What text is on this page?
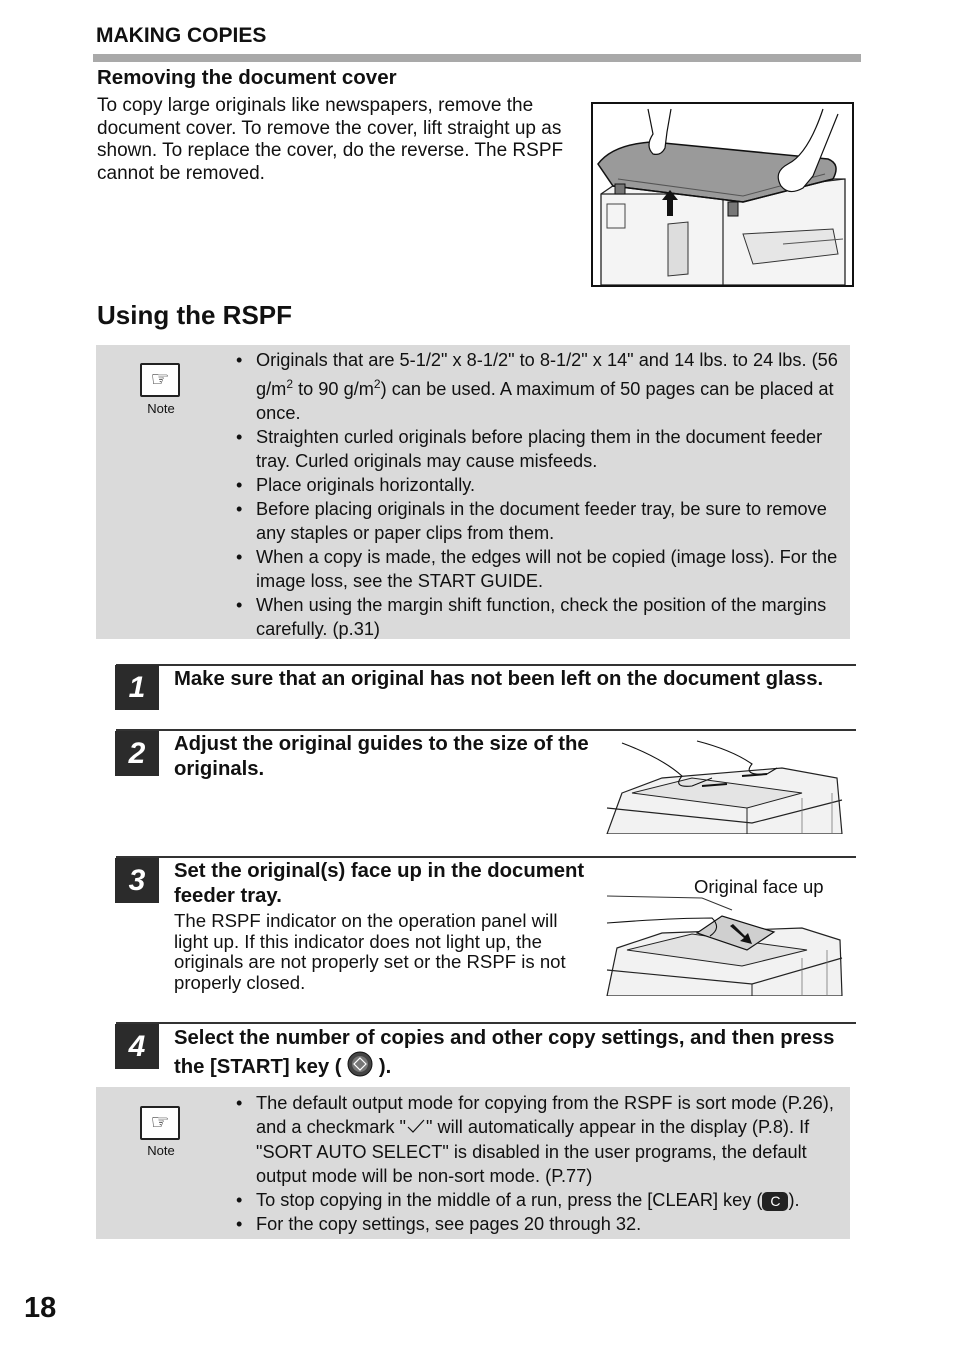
MAKING COPIES
Removing the document cover
To copy large originals like newspapers, remove the document cover. To remove the cover, lift straight up as shown. To replace the cover, do the reverse. The RSPF cannot be removed.
Using the RSPF
☞
Note
• Originals that are 5-1/2" x 8-1/2" to 8-1/2" x 14" and 14 lbs. to 24 lbs. (56 $g/m^2$ to 90 $g/m^2$) can be used. A maximum of 50 pages can be placed at once.
• Straighten curled originals before placing them in the document feeder tray. Curled originals may cause misfeeds.
• Place originals horizontally.
• Before placing originals in the document feeder tray, be sure to remove any staples or paper clips from them.
• When a copy is made, the edges will not be copied (image loss). For the image loss, see the START GUIDE.
• When using the margin shift function, check the position of the margins carefully. (p.31)
1	Make sure that an original has not been left on the document glass.
2	Adjust the original guides to the size of the originals.
3	Set the original(s) face up in the document feeder tray.
The RSPF indicator on the operation panel will light up. If this indicator does not light up, the originals are not properly set or the RSPF is not properly closed.
Original face up
4	Select the number of copies and other copy settings, and then press the [START] key ( ).
☞
Note
• The default output mode for copying from the RSPF is sort mode (P.26), and a checkmark " " will automatically appear in the display (P.8). If "SORT AUTO SELECT" is disabled in the user programs, the default output mode will be non-sort mode. (P.77)
• To stop copying in the middle of a run, press the [CLEAR] key ( C ).
• For the copy settings, see pages 20 through 32.
18
